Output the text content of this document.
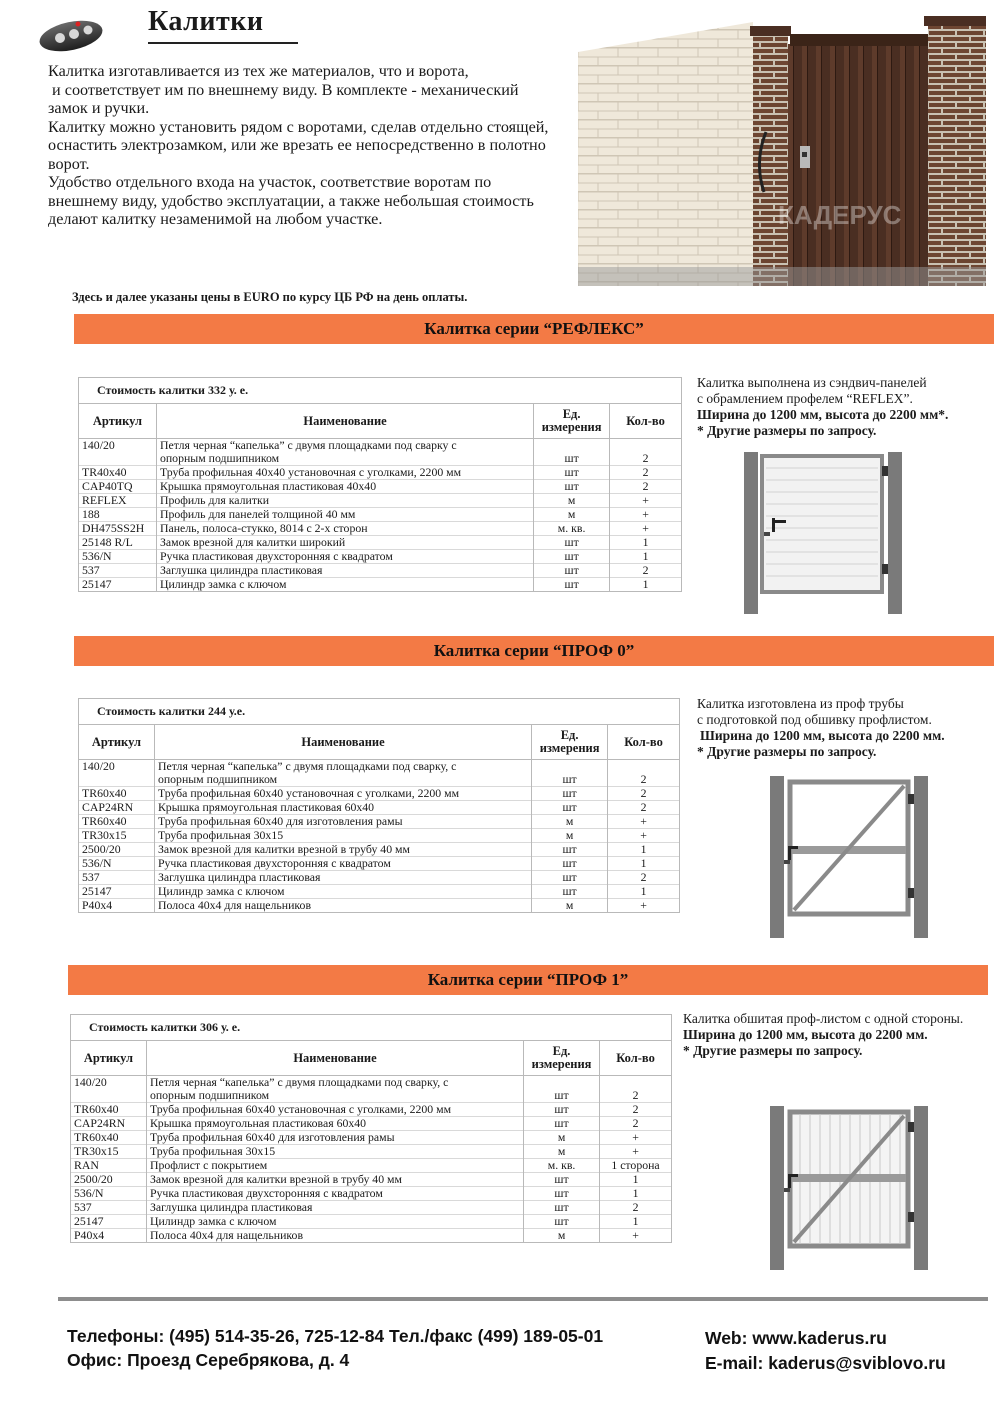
Калитки

Калитка изготавливается из тех же материалов, что и ворота,

и соответствует им по внешнему виду. В комплекте - механический

замок и ручки.

Калитку можно установить рядом с воротами, сделав отдельно стоящей,

оснастить электрозамком, или же врезать ее непосредственно в полотно

ворот.

Удобство отдельного входа на участок, соответствие воротам по

внешнему виду, удобство эксплуатации, а также небольшая стоимость

делают калитку незаменимой на любом участке.	КАДЕРУС
Здесь и далее указаны цены в EURO по курсу ЦБ РФ на день оплаты.
Калитка серии “РЕФЛЕКС”
Стоимость калитки 332 у. е.			
Артикул	Наименование	Ед.
измерения	Кол-во
140/20	Петля черная “капелька” с двумя площадками под сварку с
опорным подшипником	шт	2
TR40x40	Труба профильная 40х40 установочная с уголками, 2200 мм	шт	2
CAP40TQ	Крышка прямоугольная пластиковая 40х40	шт	2
REFLEX	Профиль для калитки	м	+
188	Профиль для панелей толщиной 40 мм	м	+
DH475SS2H	Панель, полоса-стукко, 8014 с 2-х сторон	м. кв.	+
25148 R/L	Замок врезной для калитки широкий	шт	1
536/N	Ручка пластиковая двухсторонняя с квадратом	шт	1
537	Заглушка цилиндра пластиковая	шт	2
25147	Цилиндр замка с ключом	шт	1
Калитка выполнена из сэндвич-панелей
с обрамлением профелем “REFLEX”.
Ширина до 1200 мм, высота до 2200 мм*.
* Другие размеры по запросу.
Калитка серии “ПРОФ 0”
Стоимость калитки 244 у.е.			
Артикул	Наименование	Ед.
измерения	Кол-во
140/20	Петля черная “капелька” с двумя площадками под сварку, с
опорным подшипником	шт	2
TR60x40	Труба профильная 60х40 установочная с уголками, 2200 мм	шт	2
CAP24RN	Крышка прямоугольная пластиковая 60х40	шт	2
TR60x40	Труба профильная 60х40 для изготовления рамы	м	+
TR30x15	Труба профильная 30х15	м	+
2500/20	Замок врезной для калитки врезной в трубу 40 мм	шт	1
536/N	Ручка пластиковая двухсторонняя с квадратом	шт	1
537	Заглушка цилиндра пластиковая	шт	2
25147	Цилиндр замка с ключом	шт	1
P40x4	Полоса 40х4 для нащельников	м	+
Калитка изготовлена из проф трубы
с подготовкой под обшивку профлистом.
Ширина до 1200 мм, высота до 2200 мм.
* Другие размеры по запросу.
Калитка серии “ПРОФ 1”
Стоимость калитки 306 у. е.			
Артикул	Наименование	Ед.
измерения	Кол-во
140/20	Петля черная “капелька” с двумя площадками под сварку, с
опорным подшипником	шт	2
TR60x40	Труба профильная 60х40 установочная с уголками, 2200 мм	шт	2
CAP24RN	Крышка прямоугольная пластиковая 60х40	шт	2
TR60x40	Труба профильная 60х40 для изготовления рамы	м	+
TR30x15	Труба профильная 30х15	м	+
RAN	Профлист с покрытием	м. кв.	1 сторона
2500/20	Замок врезной для калитки врезной в трубу 40 мм	шт	1
536/N	Ручка пластиковая двухсторонняя с квадратом	шт	1
537	Заглушка цилиндра пластиковая	шт	2
25147	Цилиндр замка с ключом	шт	1
P40x4	Полоса 40х4 для нащельников	м	+
Калитка обшитая проф-листом с одной стороны.
Ширина до 1200 мм, высота до 2200 мм.
* Другие размеры по запросу.
Телефоны: (495) 514-35-26, 725-12-84 Тел./факс (499) 189-05-01
Офис: Проезд Серебрякова, д. 4
Web: www.kaderus.ru
E-mail: kaderus@sviblovo.ru
